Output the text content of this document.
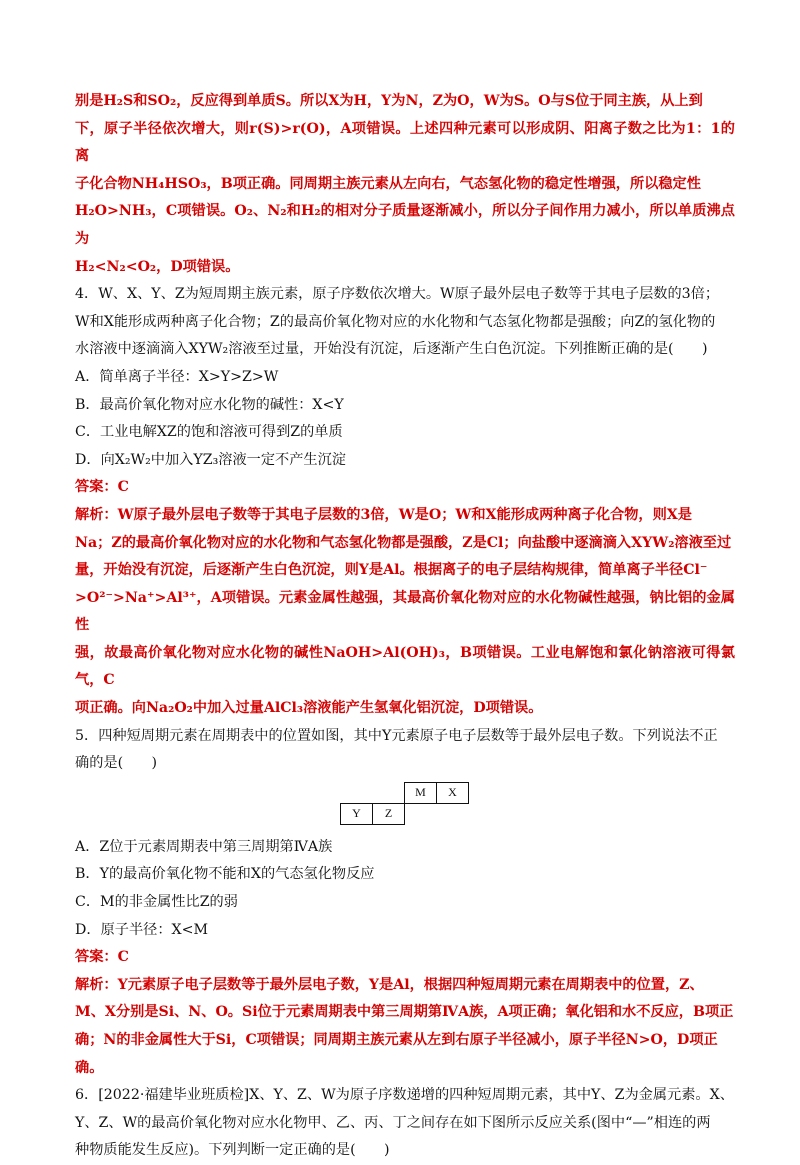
别是H₂S和SO₂，反应得到单质S。所以X为H，Y为N，Z为O，W为S。O与S位于同主族，从上到

下，原子半径依次增大，则r(S)>r(O)，A项错误。上述四种元素可以形成阴、阳离子数之比为1：1的离

子化合物NH₄HSO₃，B项正确。同周期主族元素从左向右，气态氢化物的稳定性增强，所以稳定性

H₂O>NH₃，C项错误。O₂、N₂和H₂的相对分子质量逐渐减小，所以分子间作用力减小，所以单质沸点为

H₂<N₂<O₂，D项错误。

4．W、X、Y、Z为短周期主族元素，原子序数依次增大。W原子最外层电子数等于其电子层数的3倍；

W和X能形成两种离子化合物；Z的最高价氧化物对应的水化物和气态氢化物都是强酸；向Z的氢化物的

水溶液中逐滴滴入XYW₂溶液至过量，开始没有沉淀，后逐渐产生白色沉淀。下列推断正确的是(　　)

A．简单离子半径：X>Y>Z>W

B．最高价氧化物对应水化物的碱性：X<Y

C．工业电解XZ的饱和溶液可得到Z的单质

D．向X₂W₂中加入YZ₃溶液一定不产生沉淀

答案：C

解析：W原子最外层电子数等于其电子层数的3倍，W是O；W和X能形成两种离子化合物，则X是

Na；Z的最高价氧化物对应的水化物和气态氢化物都是强酸，Z是Cl；向盐酸中逐滴滴入XYW₂溶液至过

量，开始没有沉淀，后逐渐产生白色沉淀，则Y是Al。根据离子的电子层结构规律，简单离子半径Cl⁻

>O²⁻>Na⁺>Al³⁺，A项错误。元素金属性越强，其最高价氧化物对应的水化物碱性越强，钠比铝的金属性

强，故最高价氧化物对应水化物的碱性NaOH>Al(OH)₃，B项错误。工业电解饱和氯化钠溶液可得氯气，C

项正确。向Na₂O₂中加入过量AlCl₃溶液能产生氢氧化铝沉淀，D项错误。

5．四种短周期元素在周期表中的位置如图，其中Y元素原子电子层数等于最外层电子数。下列说法不正

确的是(　　)

		M	X
Y	Z		

A．Z位于元素周期表中第三周期第ⅣA族

B．Y的最高价氧化物不能和X的气态氢化物反应

C．M的非金属性比Z的弱

D．原子半径：X<M

答案：C

解析：Y元素原子电子层数等于最外层电子数，Y是Al，根据四种短周期元素在周期表中的位置，Z、

M、X分别是Si、N、O。Si位于元素周期表中第三周期第ⅣA族，A项正确；氧化铝和水不反应，B项正

确；N的非金属性大于Si，C项错误；同周期主族元素从左到右原子半径减小，原子半径N>O，D项正

确。

6．[2022·福建毕业班质检]X、Y、Z、W为原子序数递增的四种短周期元素，其中Y、Z为金属元素。X、

Y、Z、W的最高价氧化物对应水化物甲、乙、丙、丁之间存在如下图所示反应关系(图中“—”相连的两

种物质能发生反应)。下列判断一定正确的是(　　)
